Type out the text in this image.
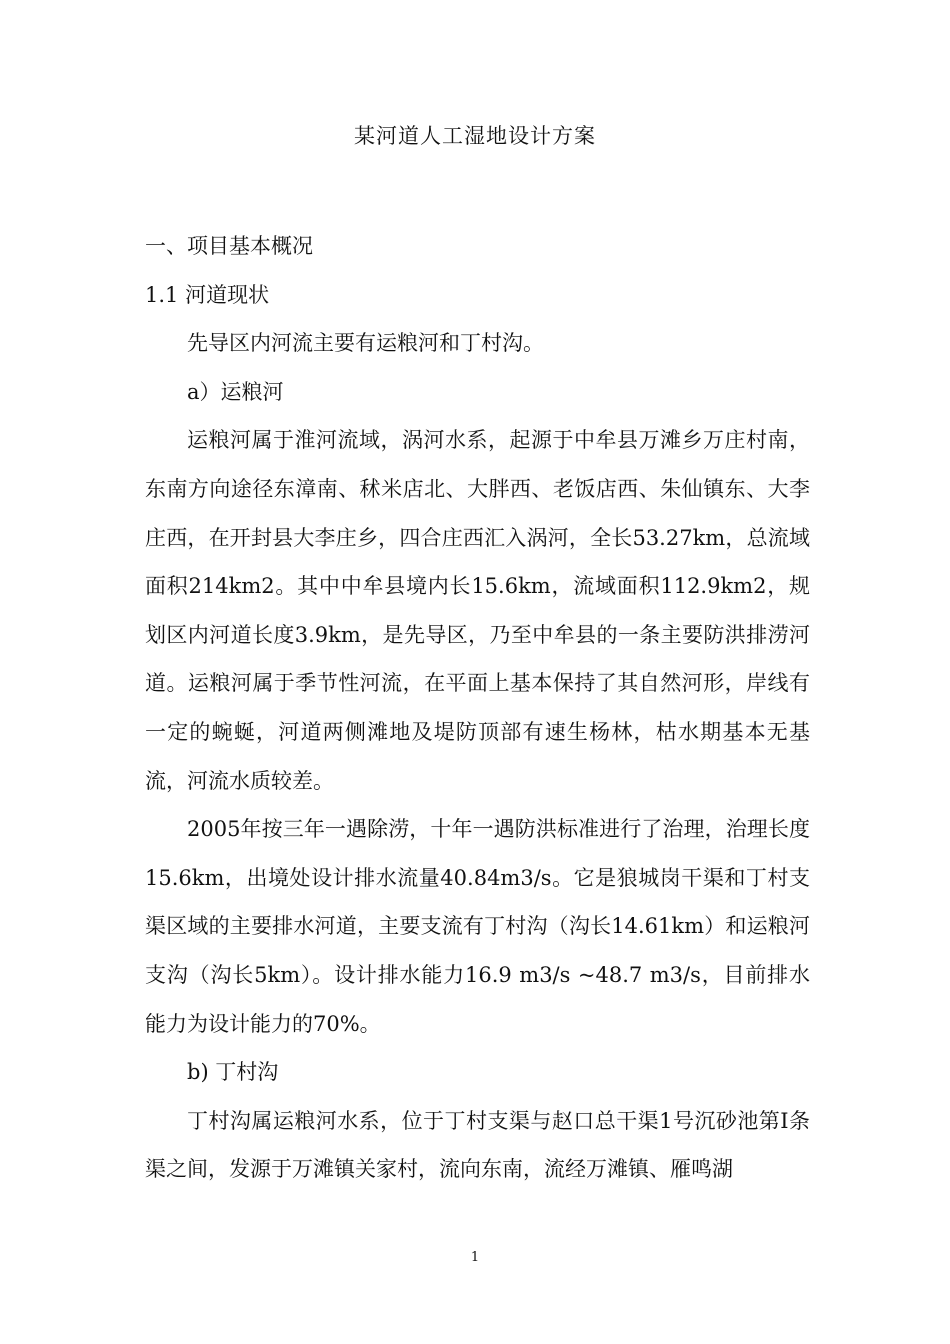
某河道人工湿地设计方案

一、项目基本概况

1.1 河道现状

先导区内河流主要有运粮河和丁村沟。

a）运粮河

运粮河属于淮河流域，涡河水系，起源于中牟县万滩乡万庄村南，东南方向途径东漳南、秫米店北、大胖西、老饭店西、朱仙镇东、大李庄西，在开封县大李庄乡，四合庄西汇入涡河，全长53.27km，总流域面积214km2。其中中牟县境内长15.6km，流域面积112.9km2，规划区内河道长度3.9km，是先导区，乃至中牟县的一条主要防洪排涝河道。运粮河属于季节性河流，在平面上基本保持了其自然河形，岸线有一定的蜿蜒，河道两侧滩地及堤防顶部有速生杨林，枯水期基本无基流，河流水质较差。

2005年按三年一遇除涝，十年一遇防洪标准进行了治理，治理长度15.6km，出境处设计排水流量40.84m3/s。它是狼城岗干渠和丁村支渠区域的主要排水河道，主要支流有丁村沟（沟长14.61km）和运粮河支沟（沟长5km）。设计排水能力16.9 m3/s ~48.7 m3/s，目前排水能力为设计能力的70%。

b) 丁村沟

丁村沟属运粮河水系，位于丁村支渠与赵口总干渠1号沉砂池第Ⅰ条渠之间，发源于万滩镇关家村，流向东南，流经万滩镇、雁鸣湖

1
